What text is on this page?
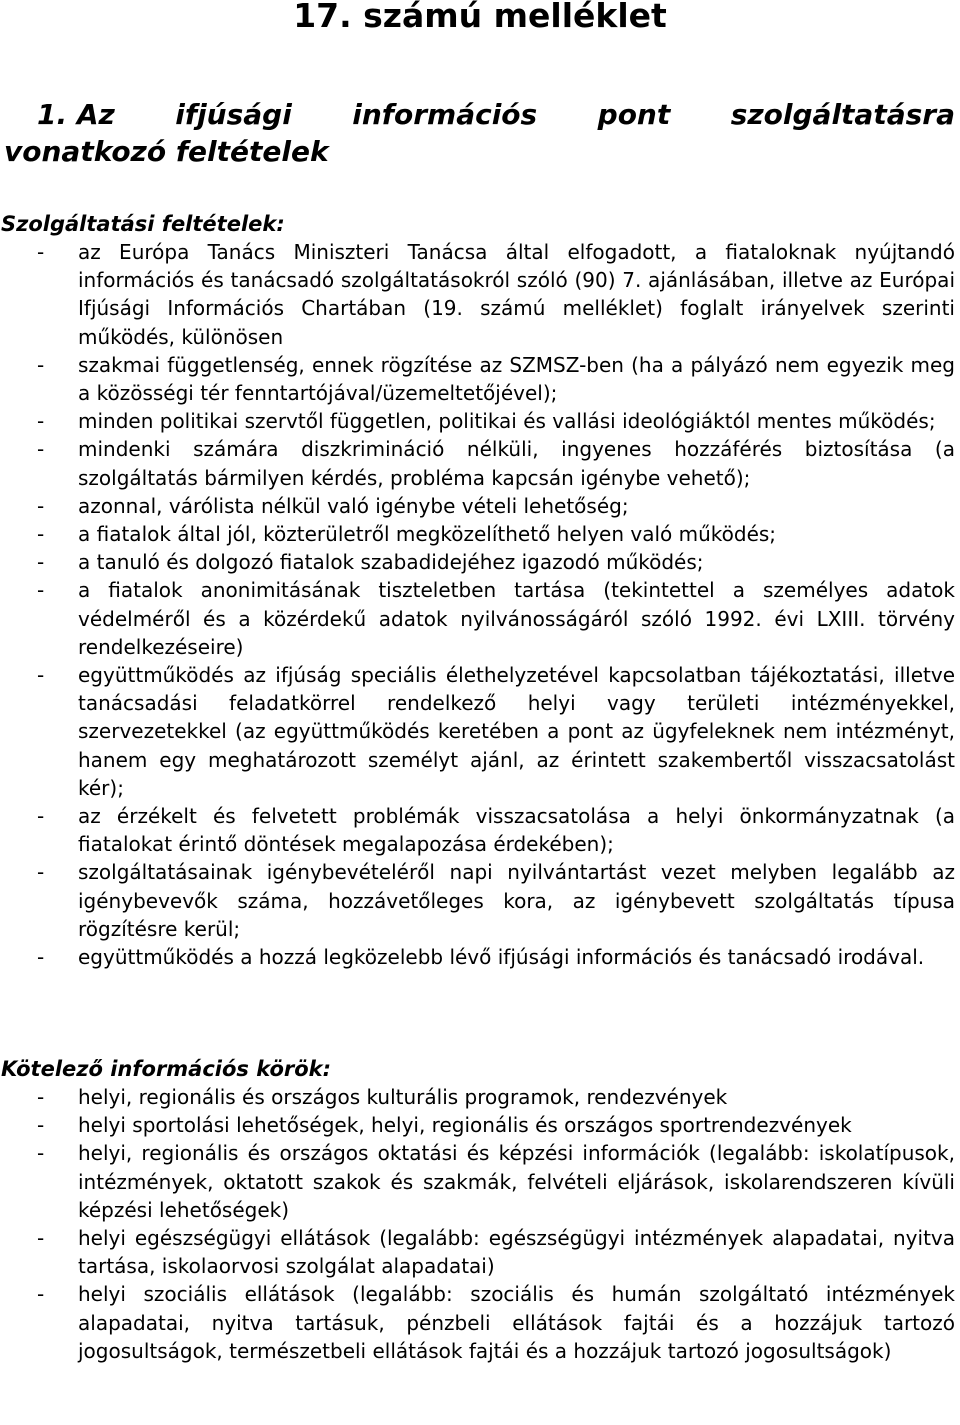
17. számú melléklet
1. Az ifjúsági információs pont szolgáltatásra
vonatkozó feltételek
Szolgáltatási feltételek:
- az Európa Tanács Miniszteri Tanácsa által elfogadott, a fiataloknak nyújtandó információs és tanácsadó szolgáltatásokról szóló (90) 7. ajánlásában, illetve az Európai Ifjúsági Információs Chartában (19. számú melléklet) foglalt irányelvek szerinti működés, különösen
- szakmai függetlenség, ennek rögzítése az SZMSZ-ben (ha a pályázó nem egyezik meg a közösségi tér fenntartójával/üzemeltetőjével);
- minden politikai szervtől független, politikai és vallási ideológiáktól mentes működés;
- mindenki számára diszkrimináció nélküli, ingyenes hozzáférés biztosítása (a szolgáltatás bármilyen kérdés, probléma kapcsán igénybe vehető);
- azonnal, várólista nélkül való igénybe vételi lehetőség;
- a fiatalok által jól, közterületről megközelíthető helyen való működés;
- a tanuló és dolgozó fiatalok szabadidejéhez igazodó működés;
- a fiatalok anonimitásának tiszteletben tartása (tekintettel a személyes adatok védelméről és a közérdekű adatok nyilvánosságáról szóló 1992. évi LXIII. törvény rendelkezéseire)
- együttműködés az ifjúság speciális élethelyzetével kapcsolatban tájékoztatási, illetve tanácsadási feladatkörrel rendelkező helyi vagy területi intézményekkel, szervezetekkel (az együttműködés keretében a pont az ügyfeleknek nem intézményt, hanem egy meghatározott személyt ajánl, az érintett szakembertől visszacsatolást kér);
- az érzékelt és felvetett problémák visszacsatolása a helyi önkormányzatnak (a fiatalokat érintő döntések megalapozása érdekében);
- szolgáltatásainak igénybevételéről napi nyilvántartást vezet melyben legalább az igénybevevők száma, hozzávetőleges kora, az igénybevett szolgáltatás típusa rögzítésre kerül;
- együttműködés a hozzá legközelebb lévő ifjúsági információs és tanácsadó irodával.
Kötelező információs körök:
- helyi, regionális és országos kulturális programok, rendezvények
- helyi sportolási lehetőségek, helyi, regionális és országos sportrendezvények
- helyi, regionális és országos oktatási és képzési információk (legalább: iskolatípusok, intézmények, oktatott szakok és szakmák, felvételi eljárások, iskolarendszeren kívüli képzési lehetőségek)
- helyi egészségügyi ellátások (legalább: egészségügyi intézmények alapadatai, nyitva tartása, iskolaorvosi szolgálat alapadatai)
- helyi szociális ellátások (legalább: szociális és humán szolgáltató intézmények alapadatai, nyitva tartásuk, pénzbeli ellátások fajtái és a hozzájuk tartozó jogosultságok, természetbeli ellátások fajtái és a hozzájuk tartozó jogosultságok)
